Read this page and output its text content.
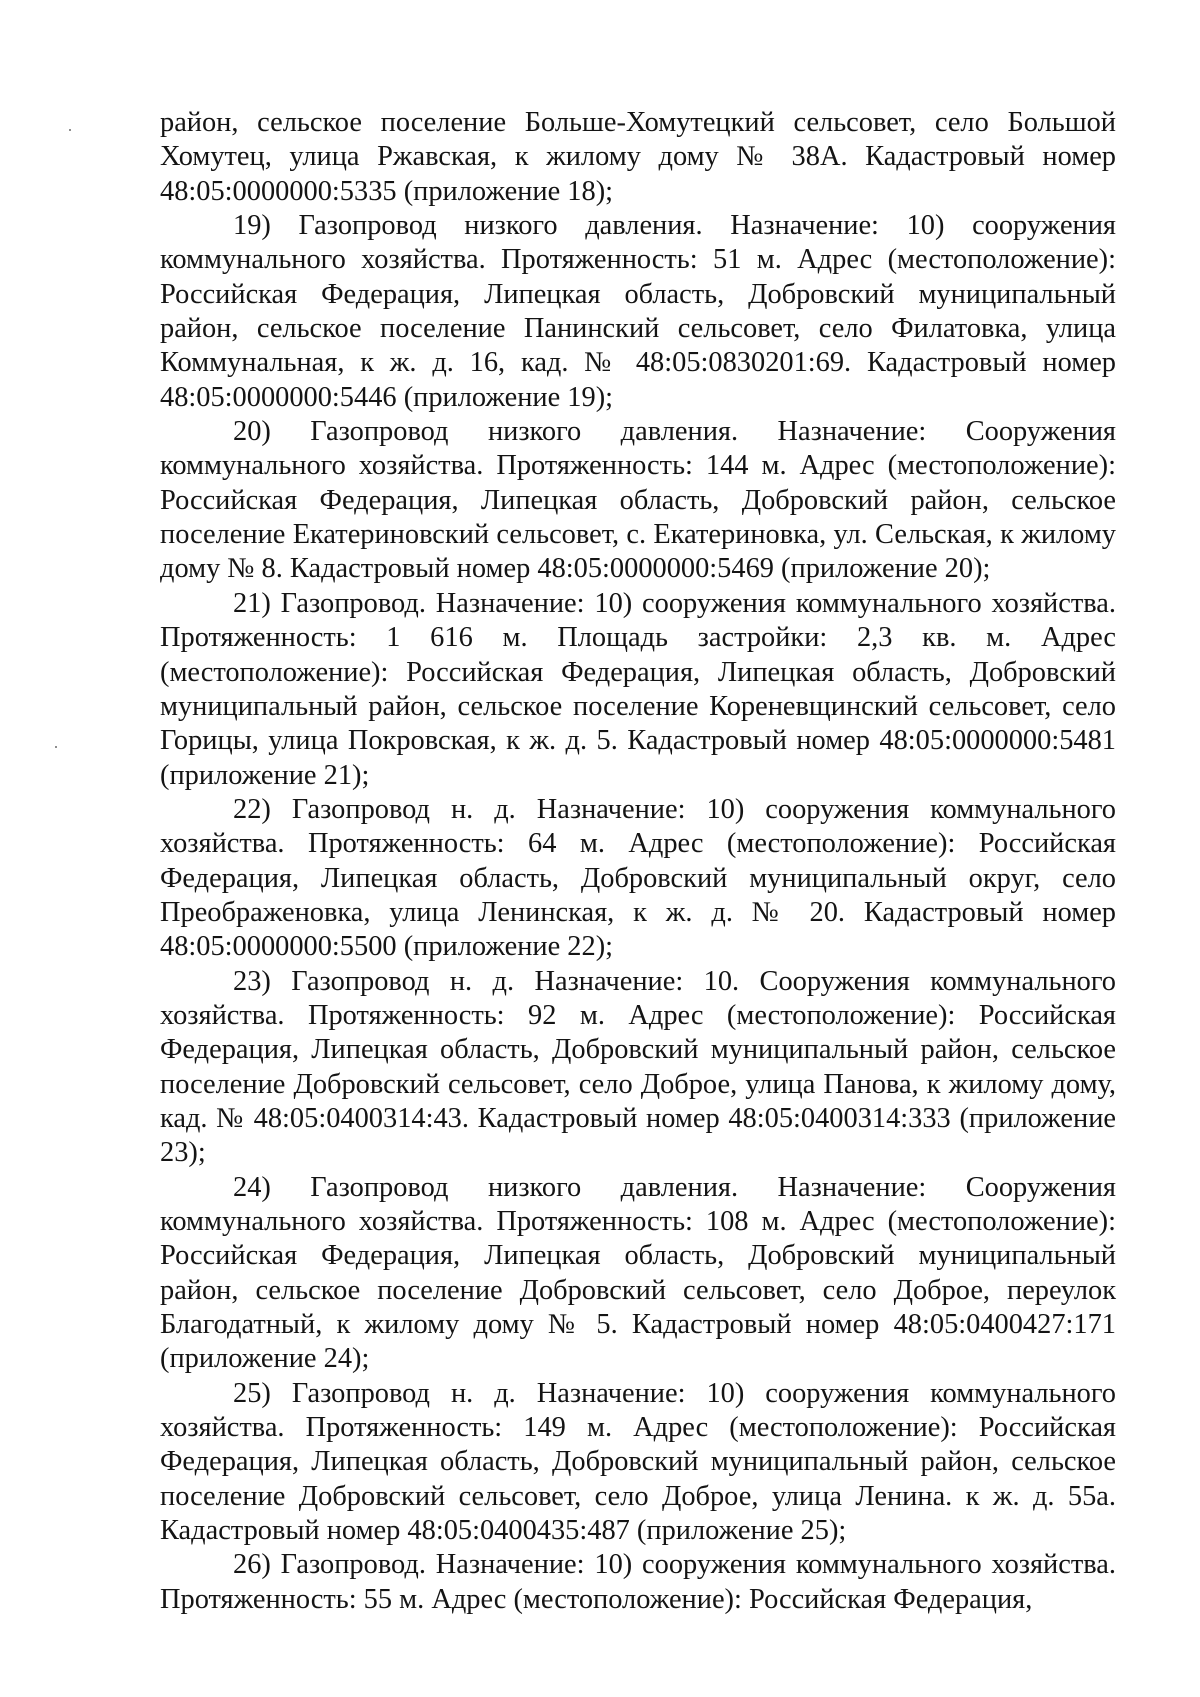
район, сельское поселение Больше-Хомутецкий сельсовет, село Большой Хомутец, улица Ржавская, к жилому дому № 38А. Кадастровый номер 48:05:0000000:5335 (приложение 18);

19) Газопровод низкого давления. Назначение: 10) сооружения коммунального хозяйства. Протяженность: 51 м. Адрес (местоположение): Российская Федерация, Липецкая область, Добровский муниципальный район, сельское поселение Панинский сельсовет, село Филатовка, улица Коммунальная, к ж. д. 16, кад. № 48:05:0830201:69. Кадастровый номер 48:05:0000000:5446 (приложение 19);

20) Газопровод низкого давления. Назначение: Сооружения коммунального хозяйства. Протяженность: 144 м. Адрес (местоположение): Российская Федерация, Липецкая область, Добровский район, сельское поселение Екатериновский сельсовет, с. Екатериновка, ул. Сельская, к жилому дому № 8. Кадастровый номер 48:05:0000000:5469 (приложение 20);

21) Газопровод. Назначение: 10) сооружения коммунального хозяйства. Протяженность: 1 616 м. Площадь застройки: 2,3 кв. м. Адрес (местоположение): Российская Федерация, Липецкая область, Добровский муниципальный район, сельское поселение Кореневщинский сельсовет, село Горицы, улица Покровская, к ж. д. 5. Кадастровый номер 48:05:0000000:5481 (приложение 21);

22) Газопровод н. д. Назначение: 10) сооружения коммунального хозяйства. Протяженность: 64 м. Адрес (местоположение): Российская Федерация, Липецкая область, Добровский муниципальный округ, село Преображеновка, улица Ленинская, к ж. д. № 20. Кадастровый номер 48:05:0000000:5500 (приложение 22);

23) Газопровод н. д. Назначение: 10. Сооружения коммунального хозяйства. Протяженность: 92 м. Адрес (местоположение): Российская Федерация, Липецкая область, Добровский муниципальный район, сельское поселение Добровский сельсовет, село Доброе, улица Панова, к жилому дому, кад. № 48:05:0400314:43. Кадастровый номер 48:05:0400314:333 (приложение 23);

24) Газопровод низкого давления. Назначение: Сооружения коммунального хозяйства. Протяженность: 108 м. Адрес (местоположение): Российская Федерация, Липецкая область, Добровский муниципальный район, сельское поселение Добровский сельсовет, село Доброе, переулок Благодатный, к жилому дому № 5. Кадастровый номер 48:05:0400427:171 (приложение 24);

25) Газопровод н. д. Назначение: 10) сооружения коммунального хозяйства. Протяженность: 149 м. Адрес (местоположение): Российская Федерация, Липецкая область, Добровский муниципальный район, сельское поселение Добровский сельсовет, село Доброе, улица Ленина. к ж. д. 55а. Кадастровый номер 48:05:0400435:487 (приложение 25);

26) Газопровод. Назначение: 10) сооружения коммунального хозяйства. Протяженность: 55 м. Адрес (местоположение): Российская Федерация,
